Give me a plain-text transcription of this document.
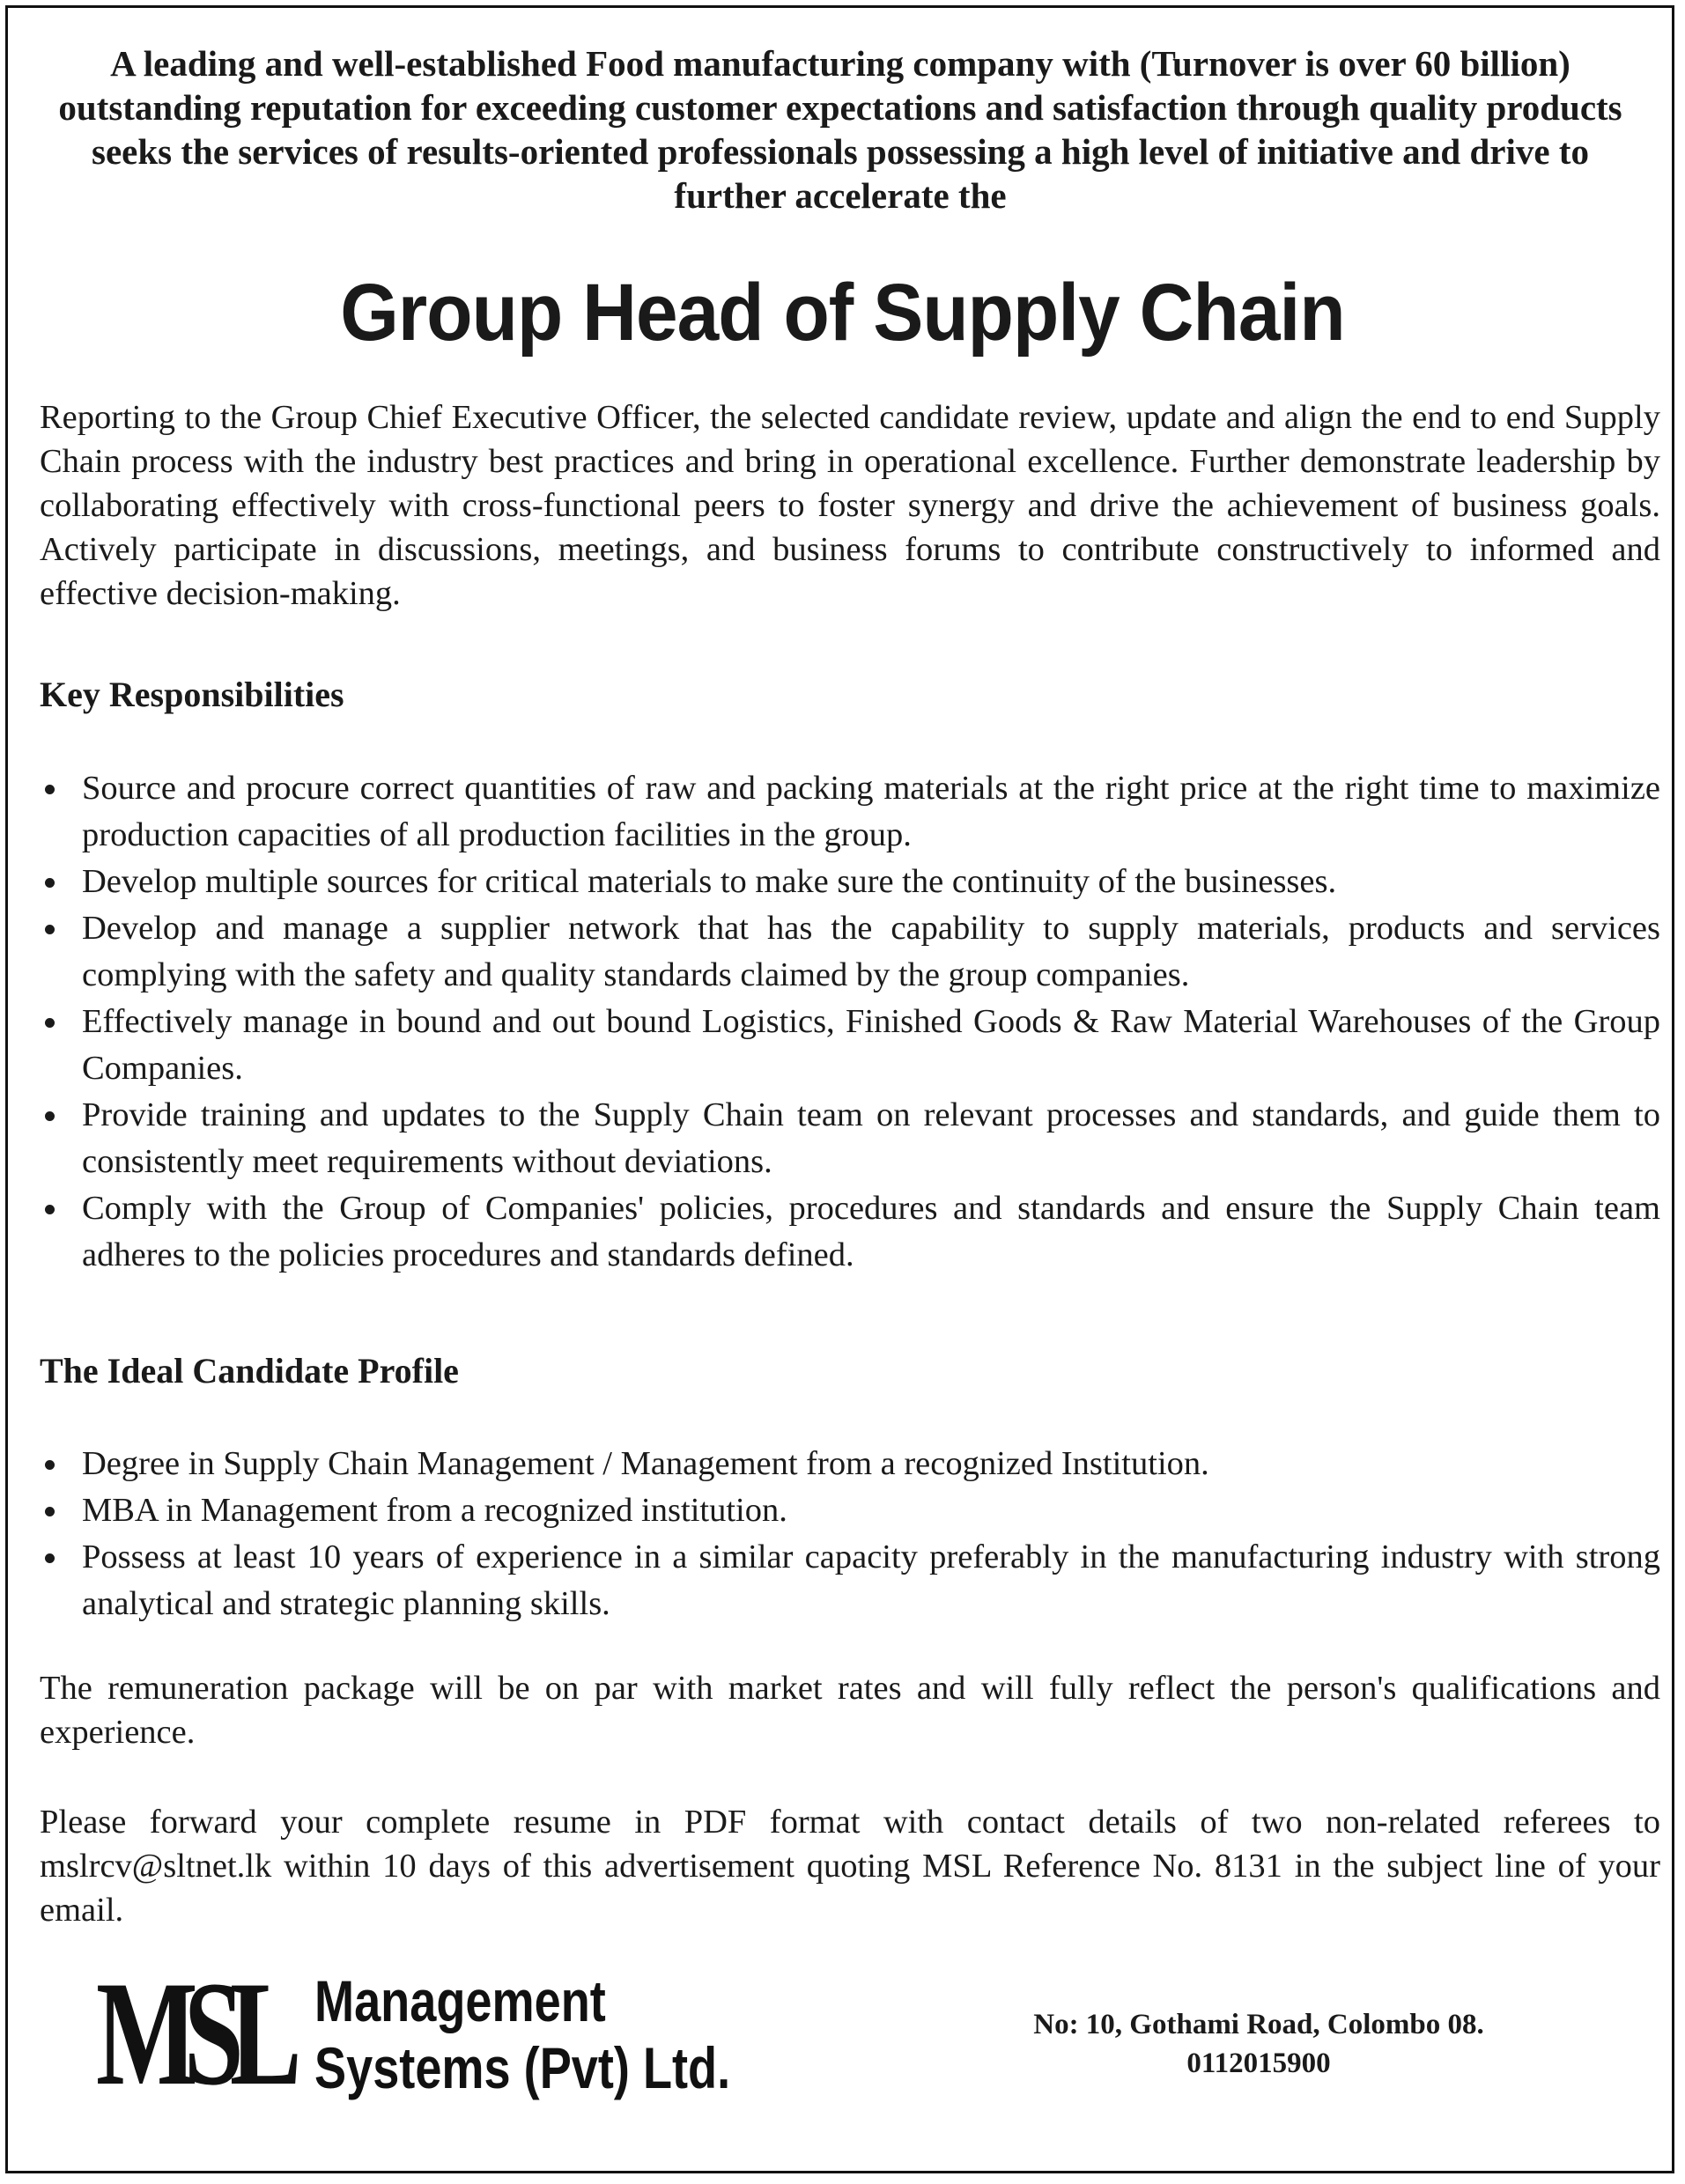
A leading and well-established Food manufacturing company with (Turnover is over 60 billion) outstanding reputation for exceeding customer expectations and satisfaction through quality products seeks the services of results-oriented professionals possessing a high level of initiative and drive to further accelerate the

Group Head of Supply Chain

Reporting to the Group Chief Executive Officer, the selected candidate review, update and align the end to end Supply Chain process with the industry best practices and bring in operational excellence. Further demonstrate leadership by collaborating effectively with cross-functional peers to foster synergy and drive the achievement of business goals. Actively participate in discussions, meetings, and business forums to contribute constructively to informed and effective decision-making.

Key Responsibilities
Source and procure correct quantities of raw and packing materials at the right price at the right time to maximize production capacities of all production facilities in the group.
Develop multiple sources for critical materials to make sure the continuity of the businesses.
Develop and manage a supplier network that has the capability to supply materials, products and services complying with the safety and quality standards claimed by the group companies.
Effectively manage in bound and out bound Logistics, Finished Goods & Raw Material Warehouses of the Group Companies.
Provide training and updates to the Supply Chain team on relevant processes and standards, and guide them to consistently meet requirements without deviations.
Comply with the Group of Companies' policies, procedures and standards and ensure the Supply Chain team adheres to the policies procedures and standards defined.
The Ideal Candidate Profile
Degree in Supply Chain Management / Management from a recognized Institution.
MBA in Management from a recognized institution.
Possess at least 10 years of experience in a similar capacity preferably in the manufacturing industry with strong analytical and strategic planning skills.

The remuneration package will be on par with market rates and will fully reflect the person's qualifications and experience.

Please forward your complete resume in PDF format with contact details of two non-related referees to mslrcv@sltnet.lk within 10 days of this advertisement quoting MSL Reference No. 8131 in the subject line of your email.

MSL Management
Systems (Pvt) Ltd.
No: 10, Gothami Road, Colombo 08.
0112015900
